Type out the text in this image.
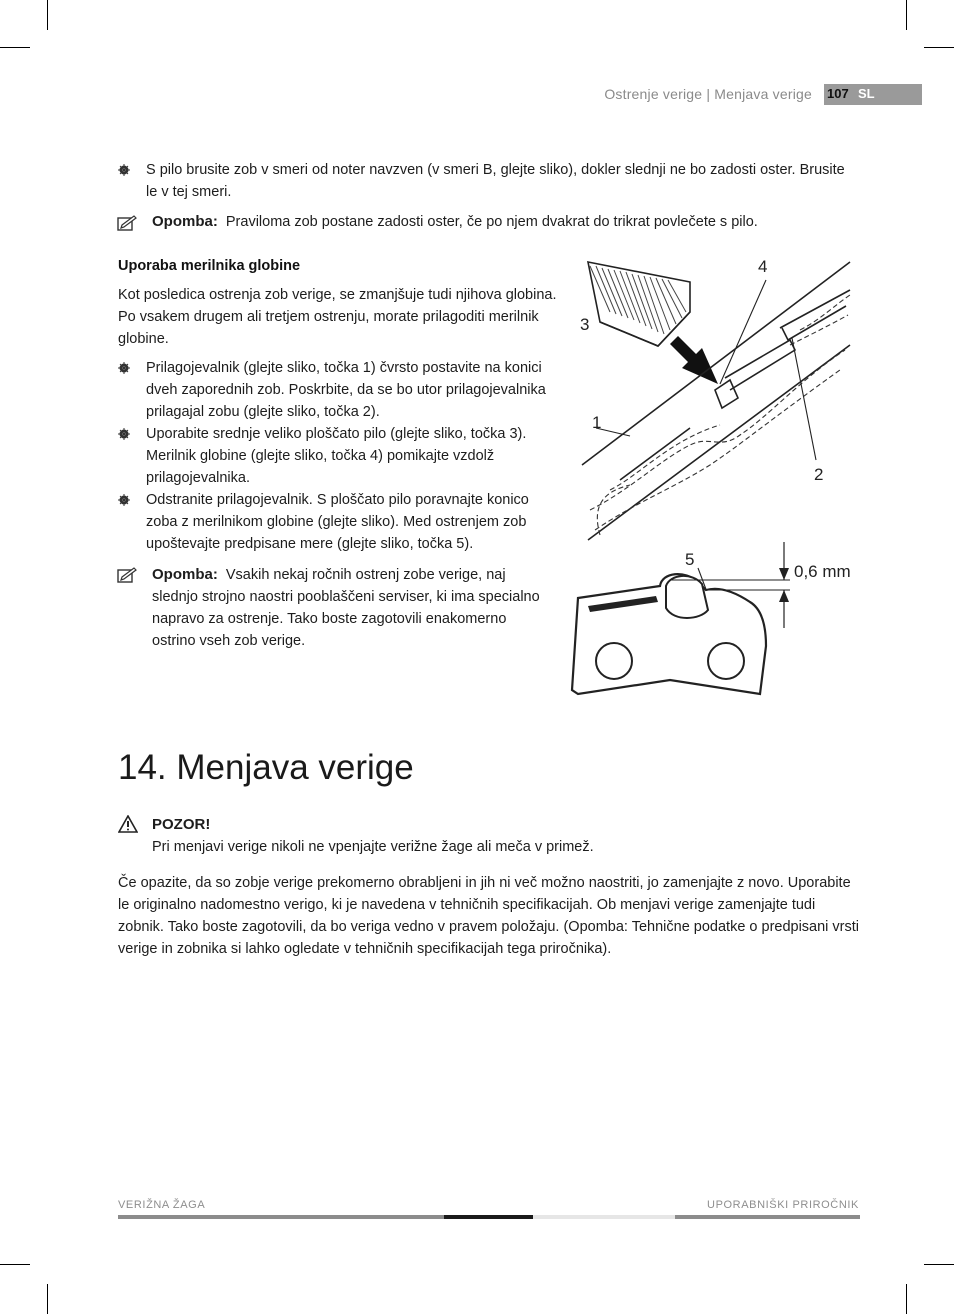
Ostrenje verige | Menjava verige 107 SL
S pilo brusite zob v smeri od noter navzven (v smeri B, glejte sliko), dokler slednji ne bo zadosti oster. Brusite le v tej smeri.
Opomba: Praviloma zob postane zadosti oster, če po njem dvakrat do trikrat povlečete s pilo.
Uporaba merilnika globine
Kot posledica ostrenja zob verige, se zmanjšuje tudi njihova globina. Po vsakem drugem ali tretjem ostrenju, morate prilagoditi merilnik globine.
Prilagojevalnik (glejte sliko, točka 1) čvrsto postavite na konici dveh zaporednih zob. Poskrbite, da se bo utor prilagojevalnika prilagajal zobu (glejte sliko, točka 2).
Uporabite srednje veliko ploščato pilo (glejte sliko, točka 3). Merilnik globine (glejte sliko, točka 4) pomikajte vzdolž prilagojevalnika.
Odstranite prilagojevalnik. S ploščato pilo poravnajte konico zoba z merilnikom globine (glejte sliko). Med ostrenjem zob upoštevajte predpisane mere (glejte sliko, točka 5).
Opomba: Vsakih nekaj ročnih ostrenj zobe verige, naj slednjo strojno naostri pooblaščeni serviser, ki ima specialno napravo za ostrenje. Tako boste zagotovili enakomerno ostrino vseh zob verige.
4
3
1
2
5
0,6 mm
14. Menjava verige
POZOR!
Pri menjavi verige nikoli ne vpenjajte verižne žage ali meča v primež.
Če opazite, da so zobje verige prekomerno obrabljeni in jih ni več možno naostriti, jo zamenjajte z novo. Uporabite le originalno nadomestno verigo, ki je navedena v tehničnih specifikacijah. Ob menjavi verige zamenjajte tudi zobnik. Tako boste zagotovili, da bo veriga vedno v pravem položaju. (Opomba: Tehnične podatke o predpisani vrsti verige in zobnika si lahko ogledate v tehničnih specifikacijah tega priročnika).
VERIŽNA ŽAGA	UPORABNIŠKI PRIROČNIK
